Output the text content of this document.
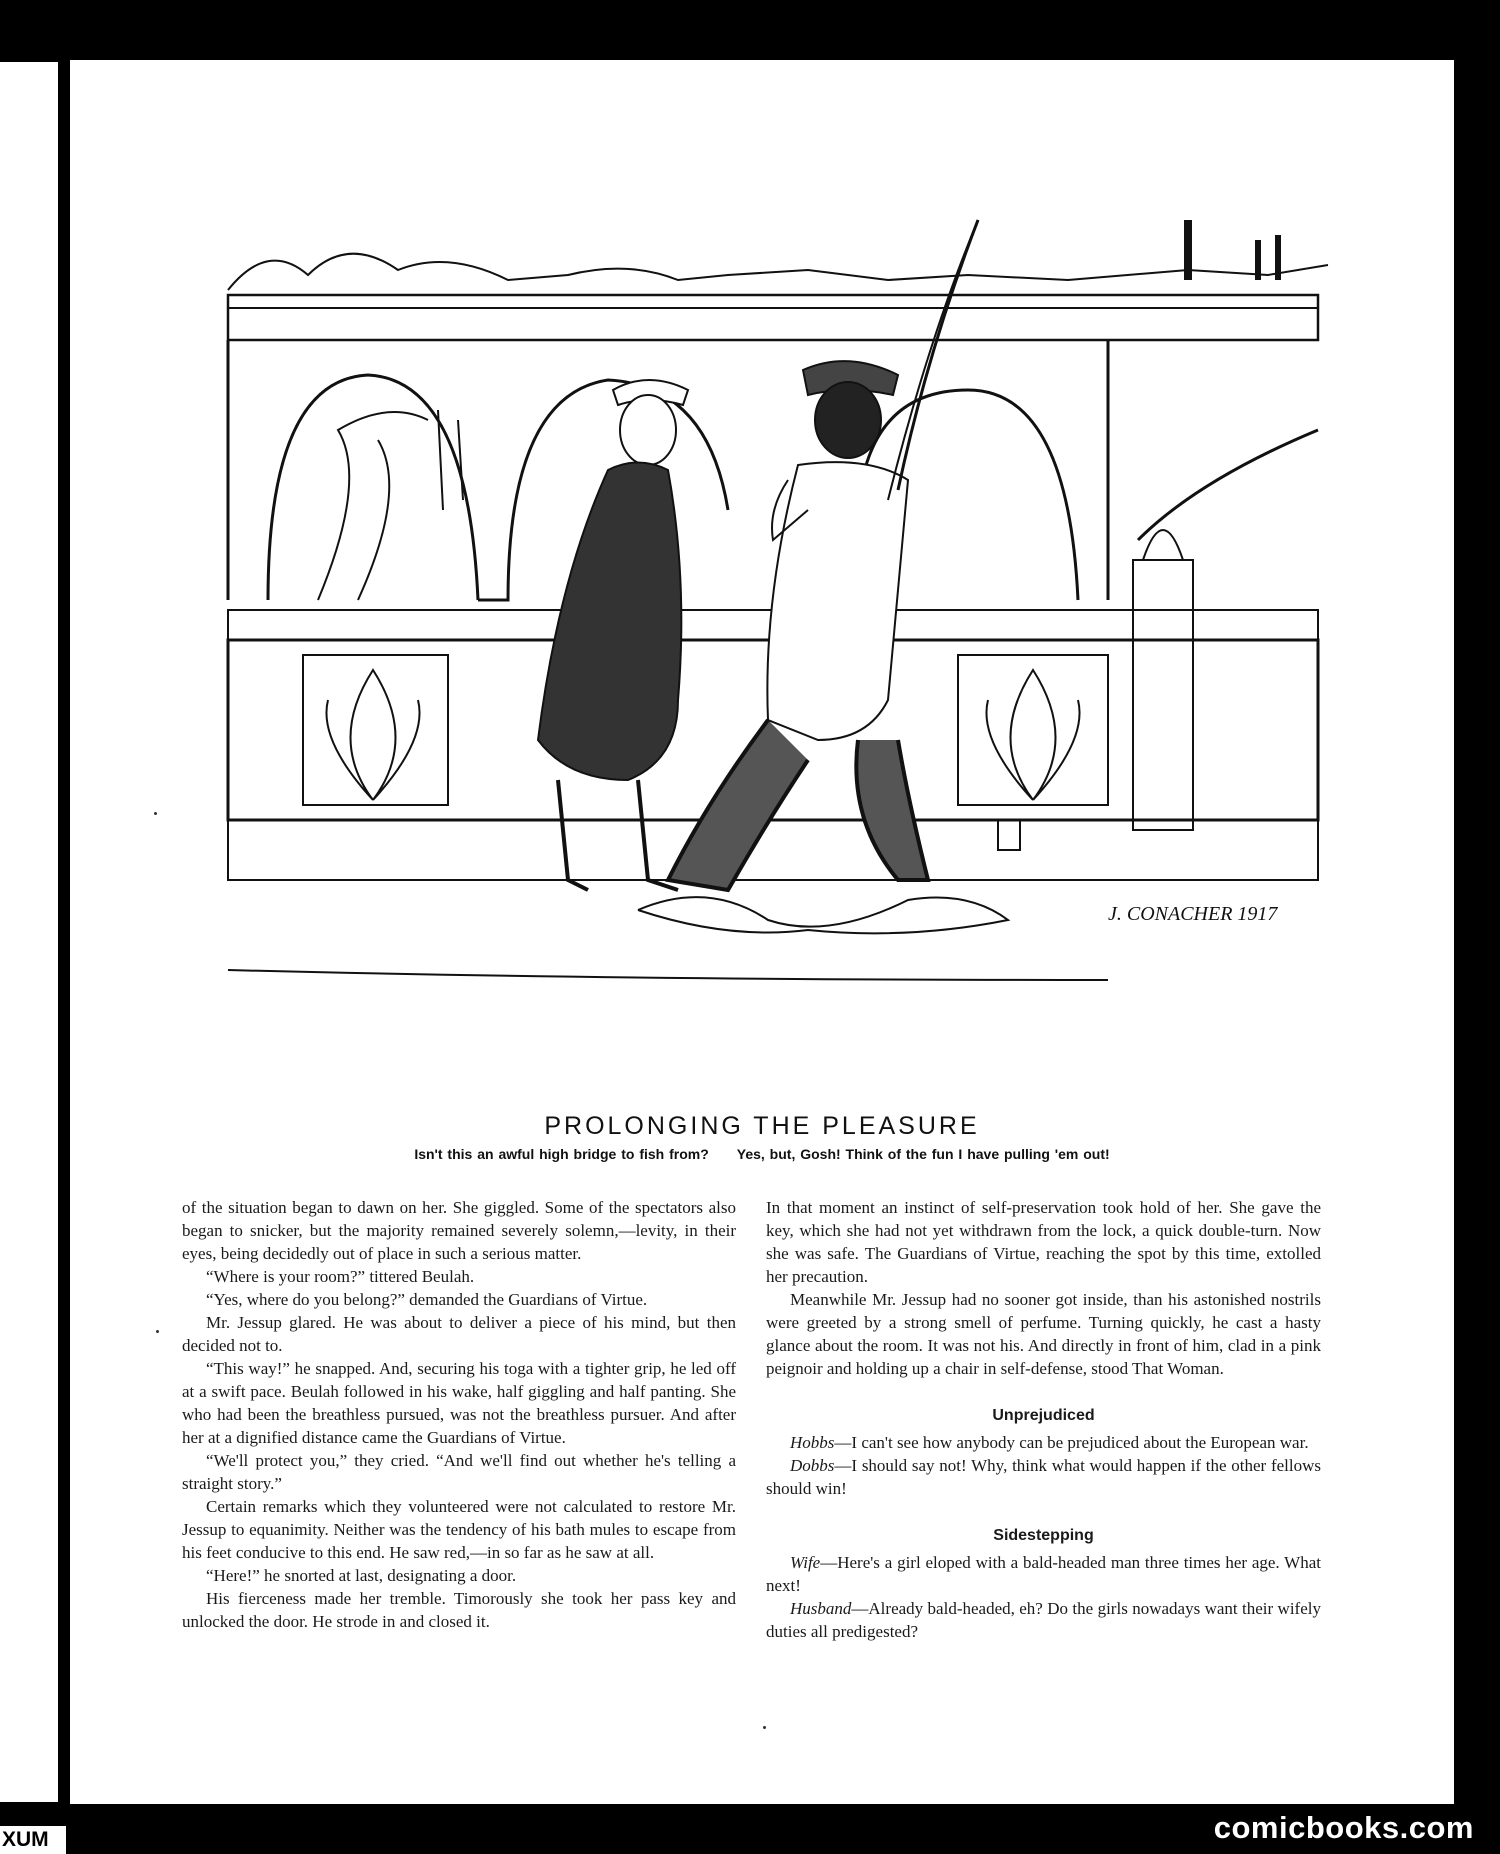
J. CONACHER 1917
PROLONGING THE PLEASURE
Isn't this an awful high bridge to fish from? Yes, but, Gosh! Think of the fun I have pulling 'em out!

of the situation began to dawn on her. She giggled. Some of the spectators also began to snicker, but the majority remained severely solemn,—levity, in their eyes, being decidedly out of place in such a serious matter.

“Where is your room?” tittered Beulah.

“Yes, where do you belong?” demanded the Guardians of Virtue.

Mr. Jessup glared. He was about to deliver a piece of his mind, but then decided not to.

“This way!” he snapped. And, securing his toga with a tighter grip, he led off at a swift pace. Beulah followed in his wake, half giggling and half panting. She who had been the breathless pursued, was not the breathless pursuer. And after her at a dignified distance came the Guardians of Virtue.

“We'll protect you,” they cried. “And we'll find out whether he's telling a straight story.”

Certain remarks which they volunteered were not calculated to restore Mr. Jessup to equanimity. Neither was the tendency of his bath mules to escape from his feet conducive to this end. He saw red,—in so far as he saw at all.

“Here!” he snorted at last, designating a door.

His fierceness made her tremble. Timorously she took her pass key and unlocked the door. He strode in and closed it.

In that moment an instinct of self-preservation took hold of her. She gave the key, which she had not yet withdrawn from the lock, a quick double-turn. Now she was safe. The Guardians of Virtue, reaching the spot by this time, extolled her precaution.

Meanwhile Mr. Jessup had no sooner got inside, than his astonished nostrils were greeted by a strong smell of perfume. Turning quickly, he cast a hasty glance about the room. It was not his. And directly in front of him, clad in a pink peignoir and holding up a chair in self-defense, stood That Woman.

Unprejudiced

Hobbs—I can't see how anybody can be prejudiced about the European war.

Dobbs—I should say not! Why, think what would happen if the other fellows should win!

Sidestepping

Wife—Here's a girl eloped with a bald-headed man three times her age. What next!

Husband—Already bald-headed, eh? Do the girls nowadays want their wifely duties all predigested?

comicbooks.com
XUM
